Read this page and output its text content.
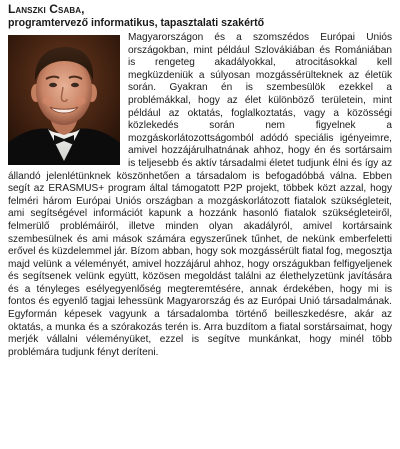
Lanszki Csaba,

programtervező informatikus, tapasztalati szakértő

Magyarországon és a szomszédos Európai Uniós országokban, mint például Szlovákiában és Romániában is rengeteg akadályokkal, atrocitásokkal kell megküzdeniük a súlyosan mozgássérülteknek az életük során. Gyakran én is szembesülök ezekkel a problémákkal, hogy az élet különböző területein, mint például az oktatás, foglalkoztatás, vagy a közösségi közlekedés során nem figyelnek a mozgáskorlátozottságomból adódó speciális igényeimre, amivel hozzájárulhatnának ahhoz, hogy én és sortársaim is teljesebb és aktív társadalmi életet tudjunk élni és így az állandó jelenlétünknek köszönhetően a társadalom is befogadóbbá válna. Ebben segít az ERASMUS+ program által támogatott P2P projekt, többek közt azzal, hogy felméri három Európai Uniós országban a mozgáskorlátozott fiatalok szükségleteit, ami segítségével információt kapunk a hozzánk hasonló fiatalok szükségleteiről, felmerülő problémáiról, illetve minden olyan akadályról, amivel kortársaink szembesülnek és ami mások számára egyszerűnek tűnhet, de nekünk emberfeletti erővel és küzdelemmel jár. Bízom abban, hogy sok mozgássérült fiatal fog, megosztja majd velünk a véleményét, amivel hozzájárul ahhoz, hogy országukban felfigyeljenek és segítsenek velünk együtt, közösen megoldást találni az élethelyzetünk javítására és a tényleges esélyegyenlőség megteremtésére, annak érdekében, hogy mi is fontos és egyenlő tagjai lehessünk Magyarország és az Európai Unió társadalmának. Egyformán képesek vagyunk a társadalomba történő beilleszkedésre, akár az oktatás, a munka és a szórakozás terén is. Arra buzdítom a fiatal sorstársaimat, hogy merjék vállalni véleményüket, ezzel is segítve munkánkat, hogy minél több problémára tudjunk fényt deríteni.
